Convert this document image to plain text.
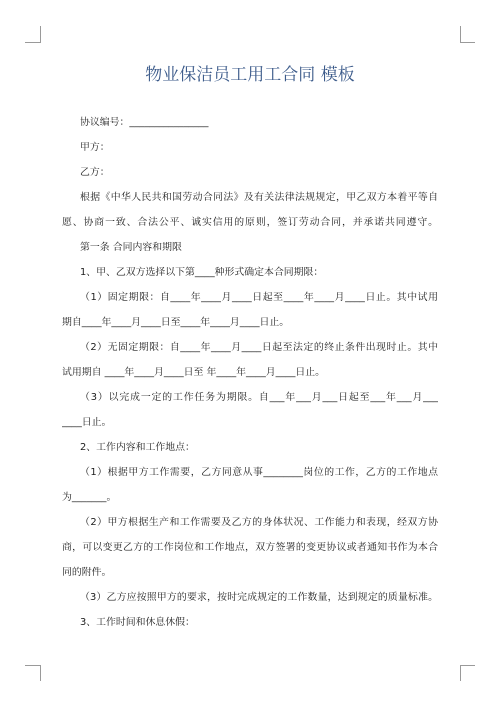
物业保洁员工用工合同 模板
协议编号：________________
甲方：
乙方：
根据《中华人民共和国劳动合同法》及有关法律法规规定，甲乙双方本着平等自
愿、协商一致、合法公平、诚实信用的原则，签订劳动合同，并承诺共同遵守。
第一条 合同内容和期限
1、甲、乙双方选择以下第____种形式确定本合同期限：
（1）固定期限：自____年____月____日起至____年____月____日止。其中试用
期自____年____月____日至____年____月____日止。
（2）无固定期限：自____年____月____日起至法定的终止条件出现时止。其中
试用期自 ____年____月____日至 年____年____月____日止。
（3）以完成一定的工作任务为期限。自___年___月___日起至___年___月___
____日止。
2、工作内容和工作地点：
（1）根据甲方工作需要，乙方同意从事________岗位的工作，乙方的工作地点
为_______。
（2）甲方根据生产和工作需要及乙方的身体状况、工作能力和表现，经双方协
商，可以变更乙方的工作岗位和工作地点，双方签署的变更协议或者通知书作为本合
同的附件。
（3）乙方应按照甲方的要求，按时完成规定的工作数量，达到规定的质量标准。
3、工作时间和休息休假：
